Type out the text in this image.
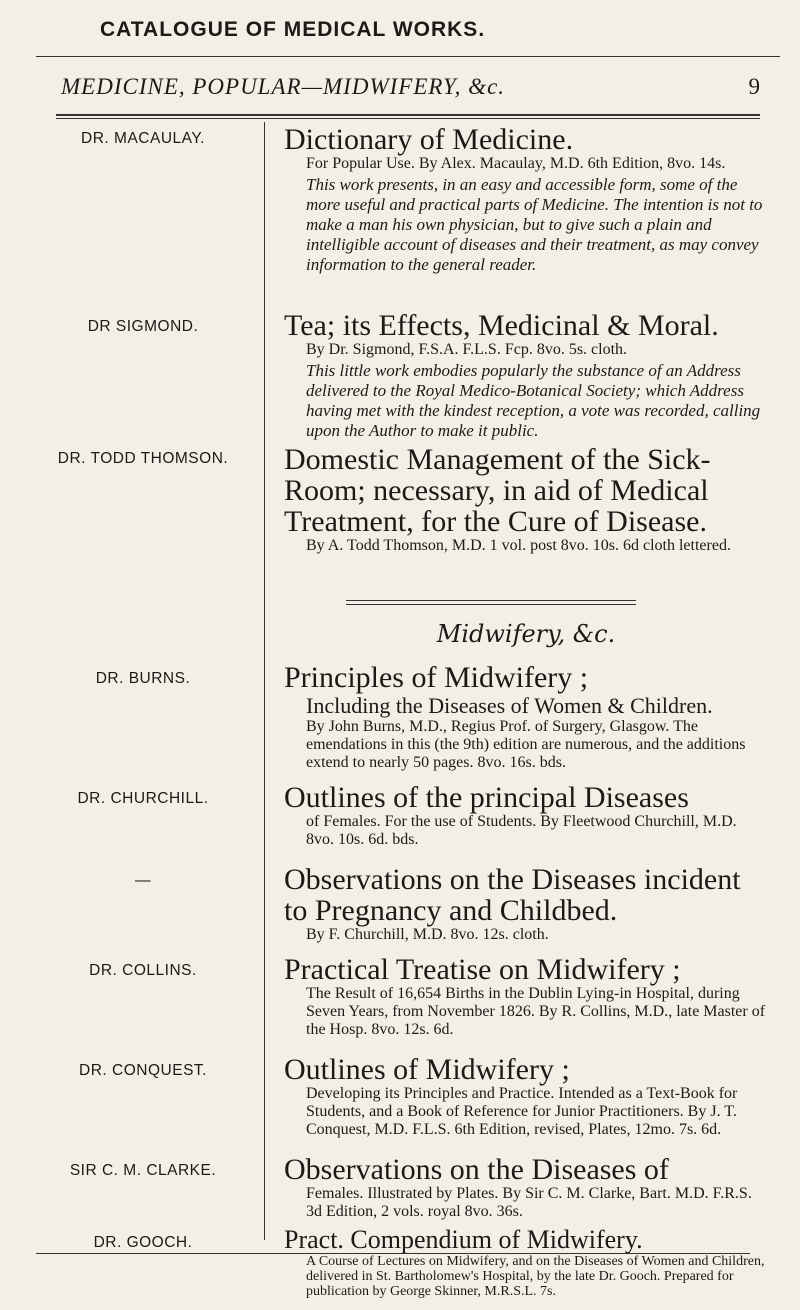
CATALOGUE OF MEDICAL WORKS.
MEDICINE, POPULAR—MIDWIFERY, &c.	9
DR. MACAULAY.	Dictionary of Medicine.
For Popular Use. By Alex. Macaulay, M.D. 6th Edition, 8vo. 14s.
This work presents, in an easy and accessible form, some of the more useful and practical parts of Medicine. The intention is not to make a man his own physician, but to give such a plain and intelligible account of diseases and their treatment, as may convey information to the general reader.
DR SIGMOND.	Tea; its Effects, Medicinal & Moral.
By Dr. Sigmond, F.S.A. F.L.S. Fcp. 8vo. 5s. cloth.
This little work embodies popularly the substance of an Address delivered to the Royal Medico-Botanical Society; which Address having met with the kindest reception, a vote was recorded, calling upon the Author to make it public.
DR. TODD THOMSON.	Domestic Management of the Sick-Room; necessary, in aid of Medical Treatment, for the Cure of Disease.
By A. Todd Thomson, M.D. 1 vol. post 8vo. 10s. 6d cloth lettered.
Midwifery, &c.
DR. BURNS.	Principles of Midwifery ;
Including the Diseases of Women & Children.
By John Burns, M.D., Regius Prof. of Surgery, Glasgow. The emendations in this (the 9th) edition are numerous, and the additions extend to nearly 50 pages. 8vo. 16s. bds.
DR. CHURCHILL.	Outlines of the principal Diseases
of Females. For the use of Students. By Fleetwood Churchill, M.D. 8vo. 10s. 6d. bds.
—	Observations on the Diseases incident to Pregnancy and Childbed.
By F. Churchill, M.D. 8vo. 12s. cloth.
DR. COLLINS.	Practical Treatise on Midwifery ;
The Result of 16,654 Births in the Dublin Lying-in Hospital, during Seven Years, from November 1826. By R. Collins, M.D., late Master of the Hosp. 8vo. 12s. 6d.
DR. CONQUEST.	Outlines of Midwifery ;
Developing its Principles and Practice. Intended as a Text-Book for Students, and a Book of Reference for Junior Practitioners. By J. T. Conquest, M.D. F.L.S. 6th Edition, revised, Plates, 12mo. 7s. 6d.
SIR C. M. CLARKE.	Observations on the Diseases of
Females. Illustrated by Plates. By Sir C. M. Clarke, Bart. M.D. F.R.S. 3d Edition, 2 vols. royal 8vo. 36s.
DR. GOOCH.	Pract. Compendium of Midwifery.
A Course of Lectures on Midwifery, and on the Diseases of Women and Children, delivered in St. Bartholomew's Hospital, by the late Dr. Gooch. Prepared for publication by George Skinner, M.R.S.L. 7s.
